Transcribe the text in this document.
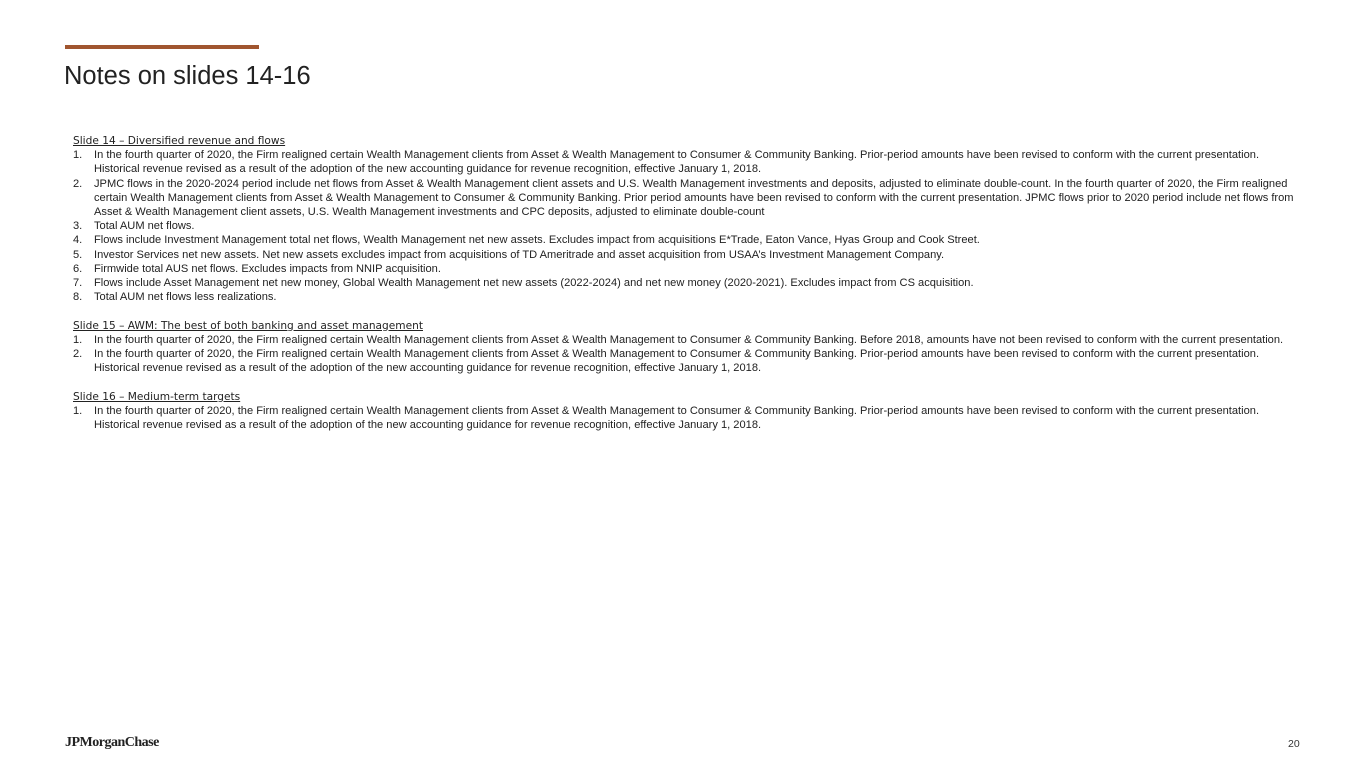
Notes on slides 14-16
Slide 14 – Diversified revenue and flows
1.	In the fourth quarter of 2020, the Firm realigned certain Wealth Management clients from Asset & Wealth Management to Consumer & Community Banking. Prior-period amounts have been revised to conform with the current presentation. Historical revenue revised as a result of the adoption of the new accounting guidance for revenue recognition, effective January 1, 2018.
2.	JPMC flows in the 2020-2024 period include net flows from Asset & Wealth Management client assets and U.S. Wealth Management investments and deposits, adjusted to eliminate double-count. In the fourth quarter of 2020, the Firm realigned certain Wealth Management clients from Asset & Wealth Management to Consumer & Community Banking. Prior period amounts have been revised to conform with the current presentation. JPMC flows prior to 2020 period include net flows from Asset & Wealth Management client assets, U.S. Wealth Management investments and CPC deposits, adjusted to eliminate double-count
3.	Total AUM net flows.
4.	Flows include Investment Management total net flows, Wealth Management net new assets. Excludes impact from acquisitions E*Trade, Eaton Vance, Hyas Group and Cook Street.
5.	Investor Services net new assets. Net new assets excludes impact from acquisitions of TD Ameritrade and asset acquisition from USAA’s Investment Management Company.
6.	Firmwide total AUS net flows. Excludes impacts from NNIP acquisition.
7.	Flows include Asset Management net new money, Global Wealth Management net new assets (2022-2024) and net new money (2020-2021). Excludes impact from CS acquisition.
8.	Total AUM net flows less realizations.
Slide 15 – AWM: The best of both banking and asset management
1.	In the fourth quarter of 2020, the Firm realigned certain Wealth Management clients from Asset & Wealth Management to Consumer & Community Banking. Before 2018, amounts have not been revised to conform with the current presentation.
2.	In the fourth quarter of 2020, the Firm realigned certain Wealth Management clients from Asset & Wealth Management to Consumer & Community Banking. Prior-period amounts have been revised to conform with the current presentation. Historical revenue revised as a result of the adoption of the new accounting guidance for revenue recognition, effective January 1, 2018.
Slide 16 – Medium-term targets
1.	In the fourth quarter of 2020, the Firm realigned certain Wealth Management clients from Asset & Wealth Management to Consumer & Community Banking. Prior-period amounts have been revised to conform with the current presentation. Historical revenue revised as a result of the adoption of the new accounting guidance for revenue recognition, effective January 1, 2018.
JPMorganChase	20
